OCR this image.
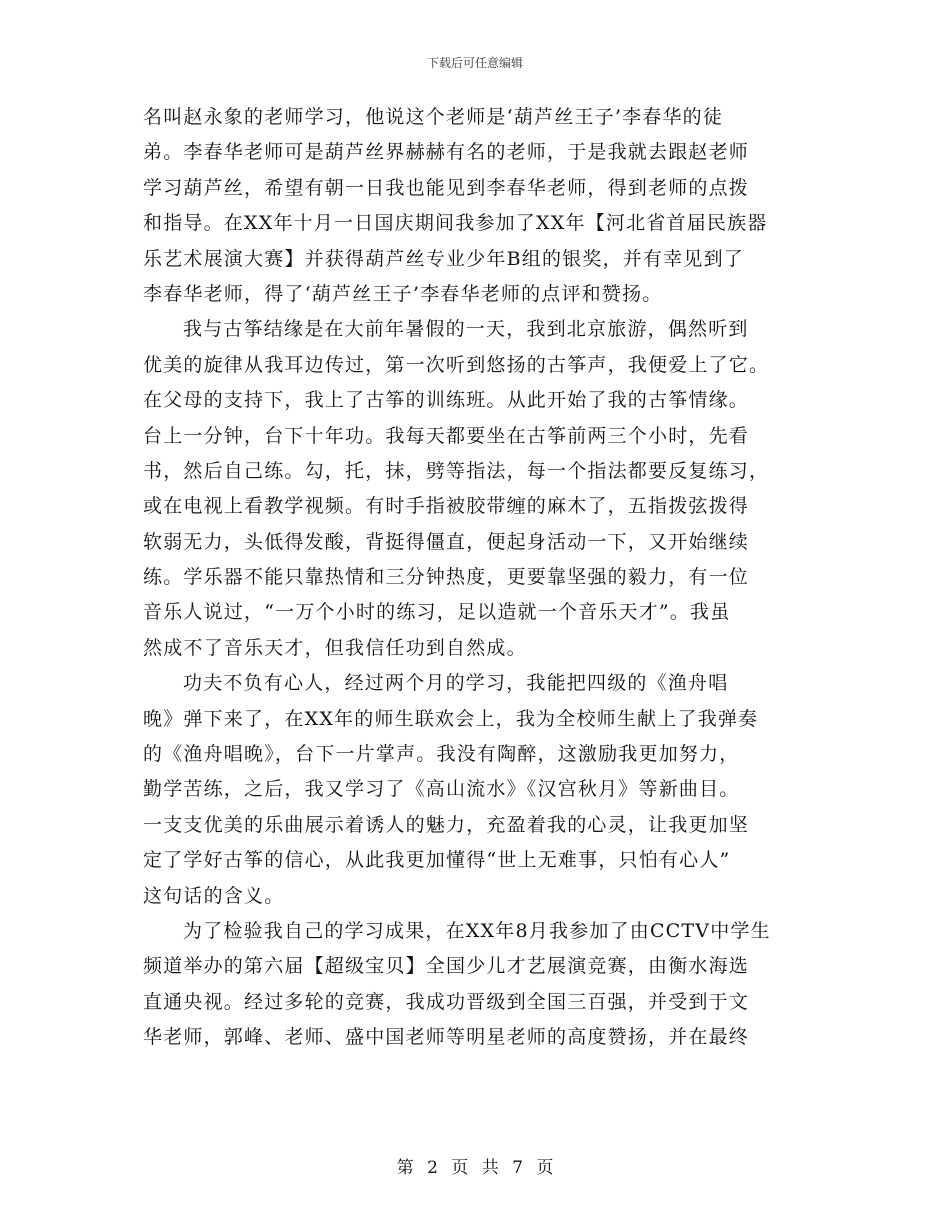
下载后可任意编辑
名叫赵永象的老师学习，他说这个老师是‘葫芦丝王子’李春华的徒
弟。李春华老师可是葫芦丝界赫赫有名的老师，于是我就去跟赵老师
学习葫芦丝，希望有朝一日我也能见到李春华老师，得到老师的点拨
和指导。在XX年十月一日国庆期间我参加了XX年【河北省首届民族器
乐艺术展演大赛】并获得葫芦丝专业少年B组的银奖，并有幸见到了
李春华老师，得了‘葫芦丝王子’李春华老师的点评和赞扬。
我与古筝结缘是在大前年暑假的一天，我到北京旅游，偶然听到
优美的旋律从我耳边传过，第一次听到悠扬的古筝声，我便爱上了它。
在父母的支持下，我上了古筝的训练班。从此开始了我的古筝情缘。
台上一分钟，台下十年功。我每天都要坐在古筝前两三个小时，先看
书，然后自己练。勾，托，抹，劈等指法，每一个指法都要反复练习，
或在电视上看教学视频。有时手指被胶带缠的麻木了，五指拨弦拨得
软弱无力，头低得发酸，背挺得僵直，便起身活动一下，又开始继续
练。学乐器不能只靠热情和三分钟热度，更要靠坚强的毅力，有一位
音乐人说过，“一万个小时的练习，足以造就一个音乐天才”。我虽
然成不了音乐天才，但我信任功到自然成。
功夫不负有心人，经过两个月的学习，我能把四级的《渔舟唱
晚》弹下来了，在XX年的师生联欢会上，我为全校师生献上了我弹奏
的《渔舟唱晚》，台下一片掌声。我没有陶醉，这激励我更加努力，
勤学苦练，之后，我又学习了《高山流水》《汉宫秋月》等新曲目。
一支支优美的乐曲展示着诱人的魅力，充盈着我的心灵，让我更加坚
定了学好古筝的信心，从此我更加懂得“世上无难事，只怕有心人”
这句话的含义。
为了检验我自己的学习成果，在XX年8月我参加了由CCTV中学生
频道举办的第六届【超级宝贝】全国少儿才艺展演竞赛，由衡水海选
直通央视。经过多轮的竞赛，我成功晋级到全国三百强，并受到于文
华老师，郭峰、老师、盛中国老师等明星老师的高度赞扬，并在最终
第 2 页 共 7 页
